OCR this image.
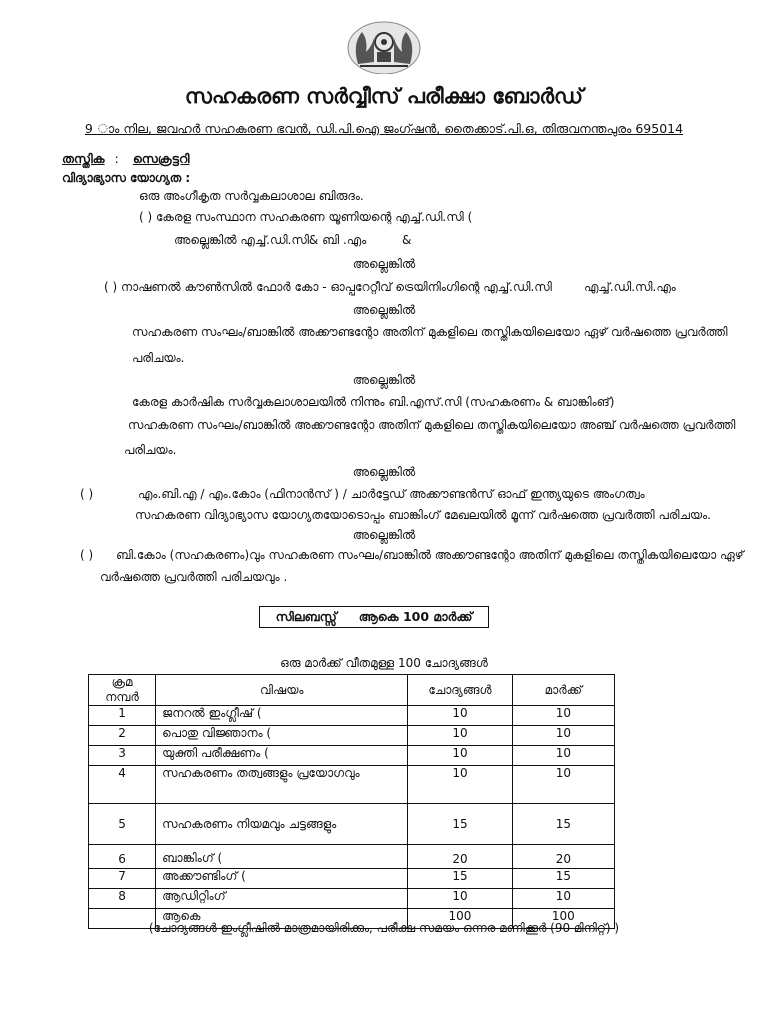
സഹകരണ സർവ്വീസ് പരീക്ഷാ ബോർഡ്
9 ാം നില, ജവഹർ സഹകരണ ഭവൻ, ഡി.പി.ഐ ജംഗ്ഷൻ, തൈക്കാട്.പി.ഒ, തിരുവനന്തപുരം 695014
തസ്തിക : സെക്രട്ടറി
വിദ്യാഭ്യാസ യോഗ്യത :
ഒരു അംഗീകൃത സർവ്വകലാശാല ബിരുദം.
( ) കേരള സംസ്ഥാന സഹകരണ യൂണിയന്റെ എച്ച്.ഡി.സി (
അല്ലെങ്കിൽ എച്ച്.ഡി.സി& ബി .എം	&
അല്ലെങ്കിൽ
( ) നാഷണൽ കൗൺസിൽ ഫോർ കോ - ഓപ്പറേറ്റീവ് ട്രെയിനിംഗിന്റെ എച്ച്.ഡി.സി	എച്ച്.ഡി.സി.എം
അല്ലെങ്കിൽ
സഹകരണ സംഘം/ബാങ്കിൽ അക്കൗണ്ടന്റോ അതിന് മുകളിലെ തസ്തികയിലെയോ ഏഴ് വർഷത്തെ പ്രവർത്തി
പരിചയം.
അല്ലെങ്കിൽ
കേരള കാർഷിക സർവ്വകലാശാലയിൽ നിന്നും ബി.എസ്.സി (സഹകരണം & ബാങ്കിംങ്)
സഹകരണ സംഘം/ബാങ്കിൽ അക്കൗണ്ടന്റോ അതിന് മുകളിലെ തസ്തികയിലെയോ അഞ്ച് വർഷത്തെ പ്രവർത്തി
പരിചയം.
അല്ലെങ്കിൽ
( )	എം.ബി.എ / എം.കോം (ഫിനാൻസ് ) / ചാർട്ടേഡ് അക്കൗണ്ടൻസ് ഓഫ് ഇന്ത്യയുടെ അംഗത്വം
സഹകരണ വിദ്യാഭ്യാസ യോഗ്യതയോടൊപ്പം ബാങ്കിംഗ് മേഖലയിൽ മൂന്ന് വർഷത്തെ പ്രവർത്തി പരിചയം.
അല്ലെങ്കിൽ
( ) ബി.കോം (സഹകരണം)വും സഹകരണ സംഘം/ബാങ്കിൽ അക്കൗണ്ടന്റോ അതിന് മുകളിലെ തസ്തികയിലെയോ ഏഴ്
വർഷത്തെ പ്രവർത്തി പരിചയവും .
സിലബസ്സ് ആകെ 100 മാർക്ക്
ഒരു മാർക്ക് വീതമുള്ള 100 ചോദ്യങ്ങൾ
ക്രമ നമ്പർ	വിഷയം	ചോദ്യങ്ങൾ	മാർക്ക്
1	ജനറൽ ഇംഗ്ലീഷ് (	10	10
2	പൊതു വിജ്ഞാനം (	10	10
3	യുക്തി പരീക്ഷണം (	10	10
4	സഹകരണം തത്വങ്ങളും പ്രയോഗവും	10	10
5	സഹകരണം നിയമവും ചട്ടങ്ങളും	15	15
6	ബാങ്കിംഗ് (	20	20
7	അക്കൗണ്ടിംഗ് (	15	15
8	ആഡിറ്റിംഗ്	10	10
	ആകെ	100	100
(ചോദ്യങ്ങൾ ഇംഗ്ലീഷിൽ മാത്രമായിരിക്കും, പരീക്ഷ സമയം ഒന്നര മണിക്കൂർ (90 മിനിറ്റ്) )
